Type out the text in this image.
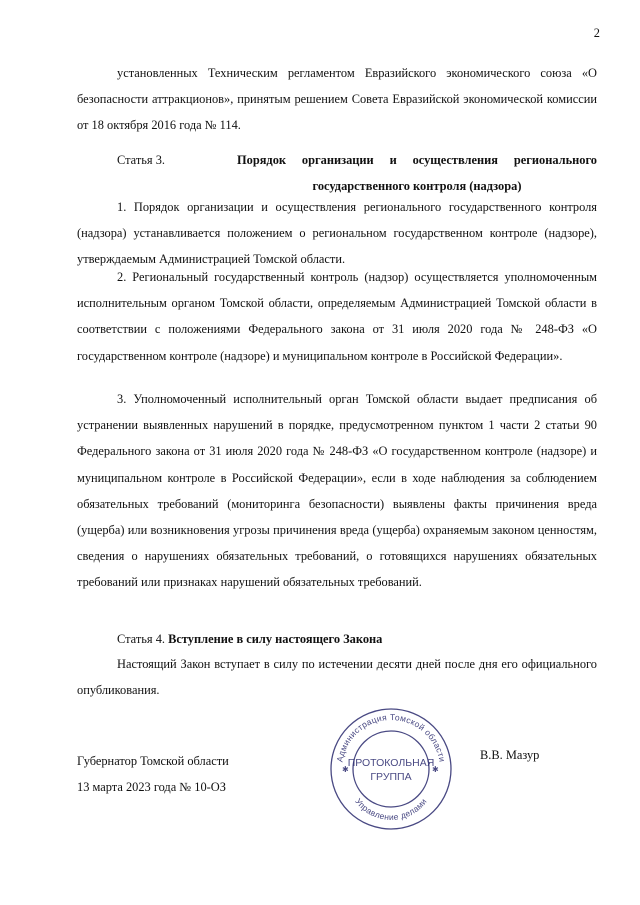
2

установленных Техническим регламентом Евразийского экономического союза «О безопасности аттракционов», принятым решением Совета Евразийской экономической комиссии от 18 октября 2016 года № 114.

Статья 3.	Порядок организации и осуществления регионального государственного контроля (надзора)

1. Порядок организации и осуществления регионального государственного контроля (надзора) устанавливается положением о региональном государственном контроле (надзоре), утверждаемым Администрацией Томской области.

2. Региональный государственный контроль (надзор) осуществляется уполномоченным исполнительным органом Томской области, определяемым Администрацией Томской области в соответствии с положениями Федерального закона от 31 июля 2020 года № 248-ФЗ «О государственном контроле (надзоре) и муниципальном контроле в Российской Федерации».

3. Уполномоченный исполнительный орган Томской области выдает предписания об устранении выявленных нарушений в порядке, предусмотренном пунктом 1 части 2 статьи 90 Федерального закона от 31 июля 2020 года № 248-ФЗ «О государственном контроле (надзоре) и муниципальном контроле в Российской Федерации», если в ходе наблюдения за соблюдением обязательных требований (мониторинга безопасности) выявлены факты причинения вреда (ущерба) или возникновения угрозы причинения вреда (ущерба) охраняемым законом ценностям, сведения о нарушениях обязательных требований, о готовящихся нарушениях обязательных требований или признаках нарушений обязательных требований.

Статья 4. Вступление в силу настоящего Закона

Настоящий Закон вступает в силу по истечении десяти дней после дня его официального опубликования.

Губернатор Томской области
13 марта 2023 года № 10-ОЗ
В.В. Мазур
Администрация Томской области
Управление делами
✱	✱
ПРОТОКОЛЬНАЯ
ГРУППА
